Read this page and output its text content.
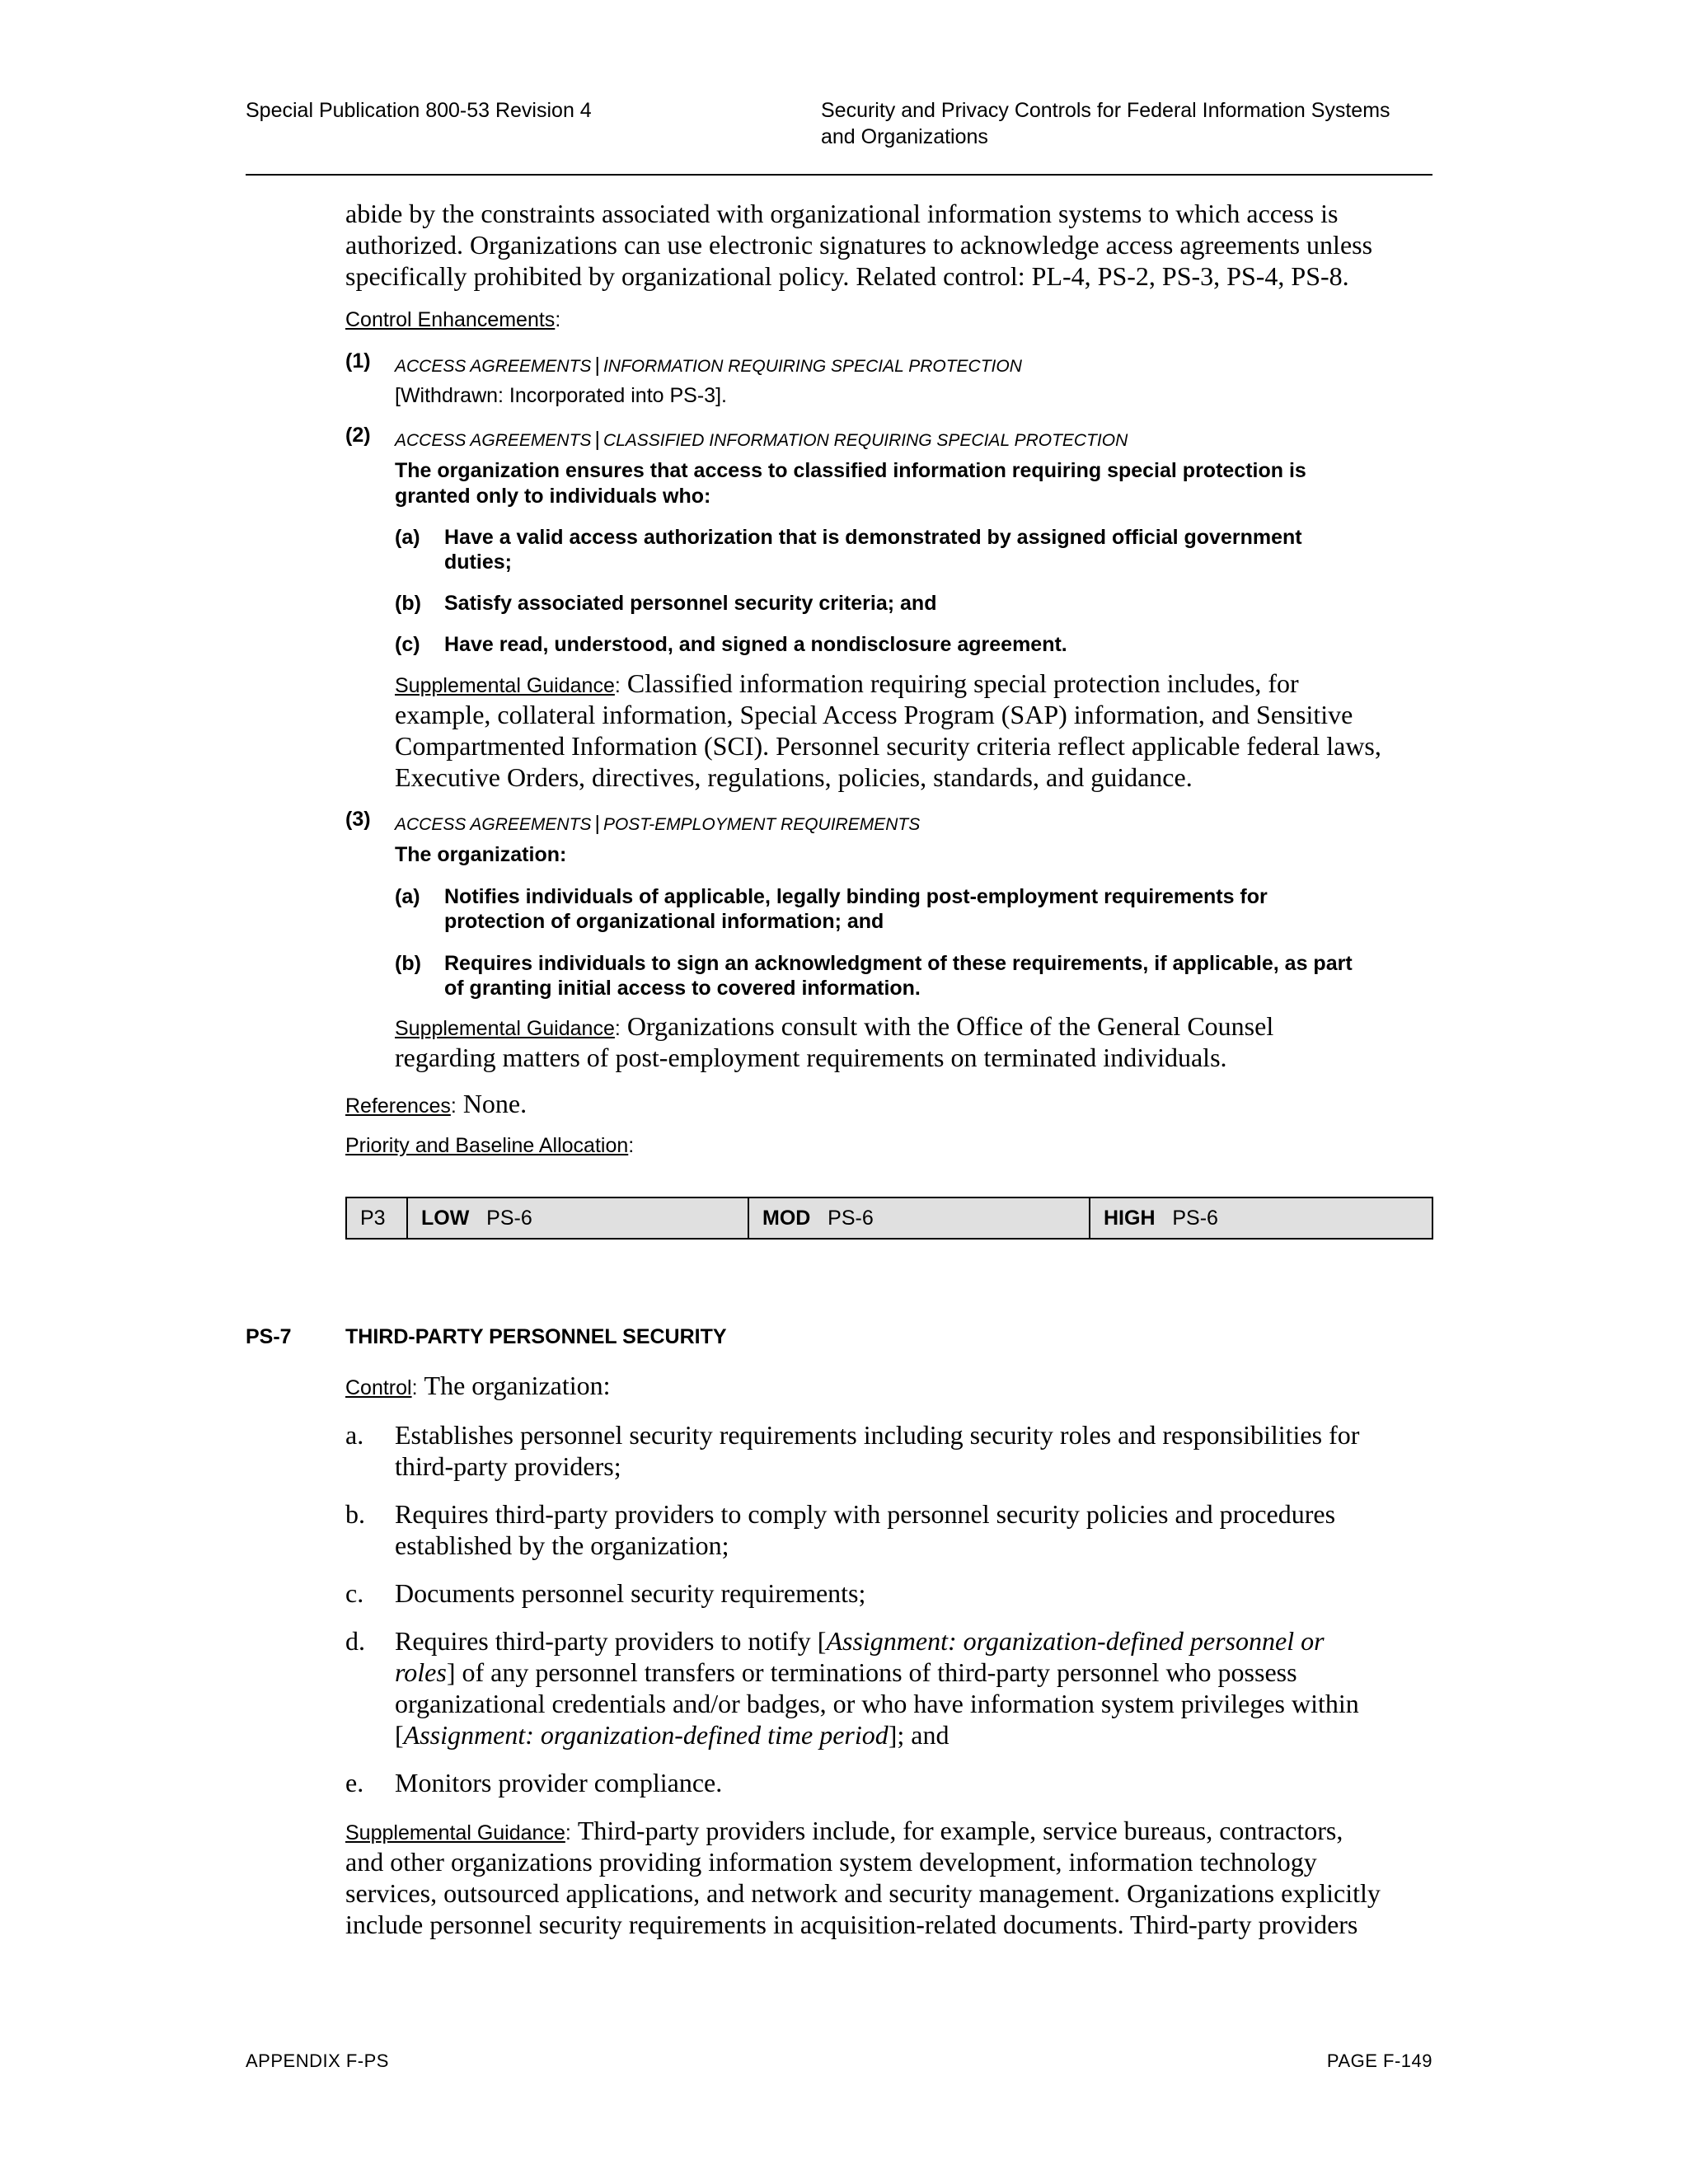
Special Publication 800-53 Revision 4	Security and Privacy Controls for Federal Information Systems
and Organizations
abide by the constraints associated with organizational information systems to which access is
authorized. Organizations can use electronic signatures to acknowledge access agreements unless
specifically prohibited by organizational policy. Related control: PL-4, PS-2, PS-3, PS-4, PS-8.
Control Enhancements:
(1) ACCESS AGREEMENTS | INFORMATION REQUIRING SPECIAL PROTECTION
[Withdrawn: Incorporated into PS-3].
(2) ACCESS AGREEMENTS | CLASSIFIED INFORMATION REQUIRING SPECIAL PROTECTION
The organization ensures that access to classified information requiring special protection is
granted only to individuals who:
(a) Have a valid access authorization that is demonstrated by assigned official government
duties;
(b) Satisfy associated personnel security criteria; and
(c) Have read, understood, and signed a nondisclosure agreement.
Supplemental Guidance: Classified information requiring special protection includes, for
example, collateral information, Special Access Program (SAP) information, and Sensitive
Compartmented Information (SCI). Personnel security criteria reflect applicable federal laws,
Executive Orders, directives, regulations, policies, standards, and guidance.
(3) ACCESS AGREEMENTS | POST-EMPLOYMENT REQUIREMENTS
The organization:
(a) Notifies individuals of applicable, legally binding post-employment requirements for
protection of organizational information; and
(b) Requires individuals to sign an acknowledgment of these requirements, if applicable, as part
of granting initial access to covered information.
Supplemental Guidance: Organizations consult with the Office of the General Counsel
regarding matters of post-employment requirements on terminated individuals.
References: None.
Priority and Baseline Allocation:
P3	LOW PS-6	MOD PS-6	HIGH PS-6
PS-7	THIRD-PARTY PERSONNEL SECURITY
Control: The organization:
a. Establishes personnel security requirements including security roles and responsibilities for
third-party providers;
b. Requires third-party providers to comply with personnel security policies and procedures
established by the organization;
c. Documents personnel security requirements;
d. Requires third-party providers to notify [Assignment: organization-defined personnel or
roles] of any personnel transfers or terminations of third-party personnel who possess
organizational credentials and/or badges, or who have information system privileges within
[Assignment: organization-defined time period]; and
e. Monitors provider compliance.
Supplemental Guidance: Third-party providers include, for example, service bureaus, contractors,
and other organizations providing information system development, information technology
services, outsourced applications, and network and security management. Organizations explicitly
include personnel security requirements in acquisition-related documents. Third-party providers
APPENDIX F-PS	PAGE F-149
